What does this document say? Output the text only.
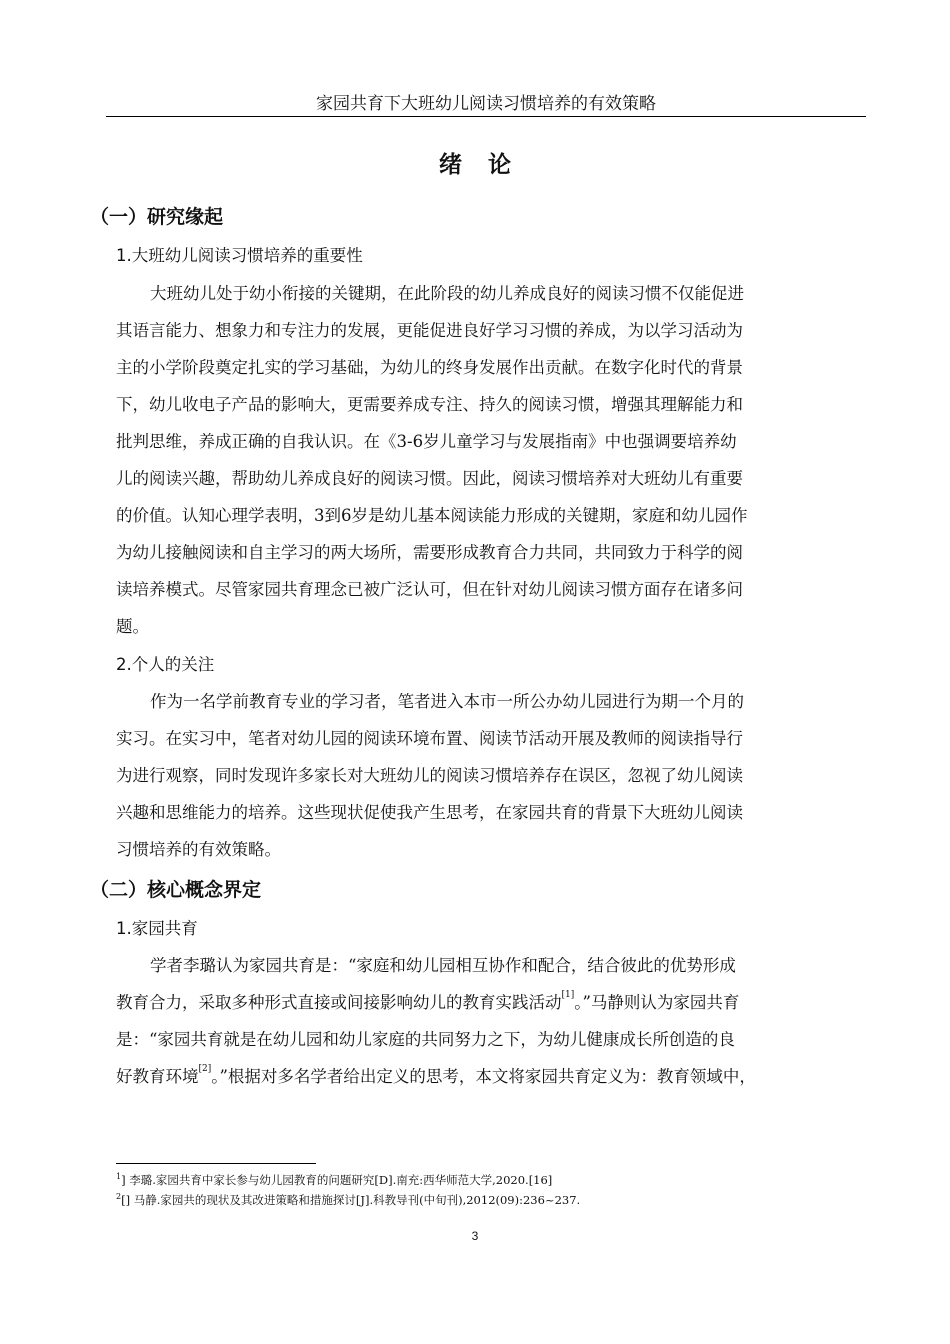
家园共育下大班幼儿阅读习惯培养的有效策略
绪论
（一）研究缘起
1.大班幼儿阅读习惯培养的重要性
大班幼儿处于幼小衔接的关键期，在此阶段的幼儿养成良好的阅读习惯不仅能促进
其语言能力、想象力和专注力的发展，更能促进良好学习习惯的养成，为以学习活动为
主的小学阶段奠定扎实的学习基础，为幼儿的终身发展作出贡献。在数字化时代的背景
下，幼儿收电子产品的影响大，更需要养成专注、持久的阅读习惯，增强其理解能力和
批判思维，养成正确的自我认识。在《3-6岁儿童学习与发展指南》中也强调要培养幼
儿的阅读兴趣，帮助幼儿养成良好的阅读习惯。因此，阅读习惯培养对大班幼儿有重要
的价值。认知心理学表明，3到6岁是幼儿基本阅读能力形成的关键期，家庭和幼儿园作
为幼儿接触阅读和自主学习的两大场所，需要形成教育合力共同，共同致力于科学的阅
读培养模式。尽管家园共育理念已被广泛认可，但在针对幼儿阅读习惯方面存在诸多问
题。
2.个人的关注
作为一名学前教育专业的学习者，笔者进入本市一所公办幼儿园进行为期一个月的
实习。在实习中，笔者对幼儿园的阅读环境布置、阅读节活动开展及教师的阅读指导行
为进行观察，同时发现许多家长对大班幼儿的阅读习惯培养存在误区，忽视了幼儿阅读
兴趣和思维能力的培养。这些现状促使我产生思考，在家园共育的背景下大班幼儿阅读
习惯培养的有效策略。
（二）核心概念界定
1.家园共育
学者李璐认为家园共育是：“家庭和幼儿园相互协作和配合，结合彼此的优势形成
教育合力，采取多种形式直接或间接影响幼儿的教育实践活动[1]。”马静则认为家园共育
是：“家园共育就是在幼儿园和幼儿家庭的共同努力之下，为幼儿健康成长所创造的良
好教育环境[2]。”根据对多名学者给出定义的思考，本文将家园共育定义为：教育领域中，
$^1$] 李璐.家园共育中家长参与幼儿园教育的问题研究[D].南充:西华师范大学,2020.[16]
$^2$[] 马静.家园共的现状及其改进策略和措施探讨[J].科教导刊(中旬刊),2012(09):236~237.
3
